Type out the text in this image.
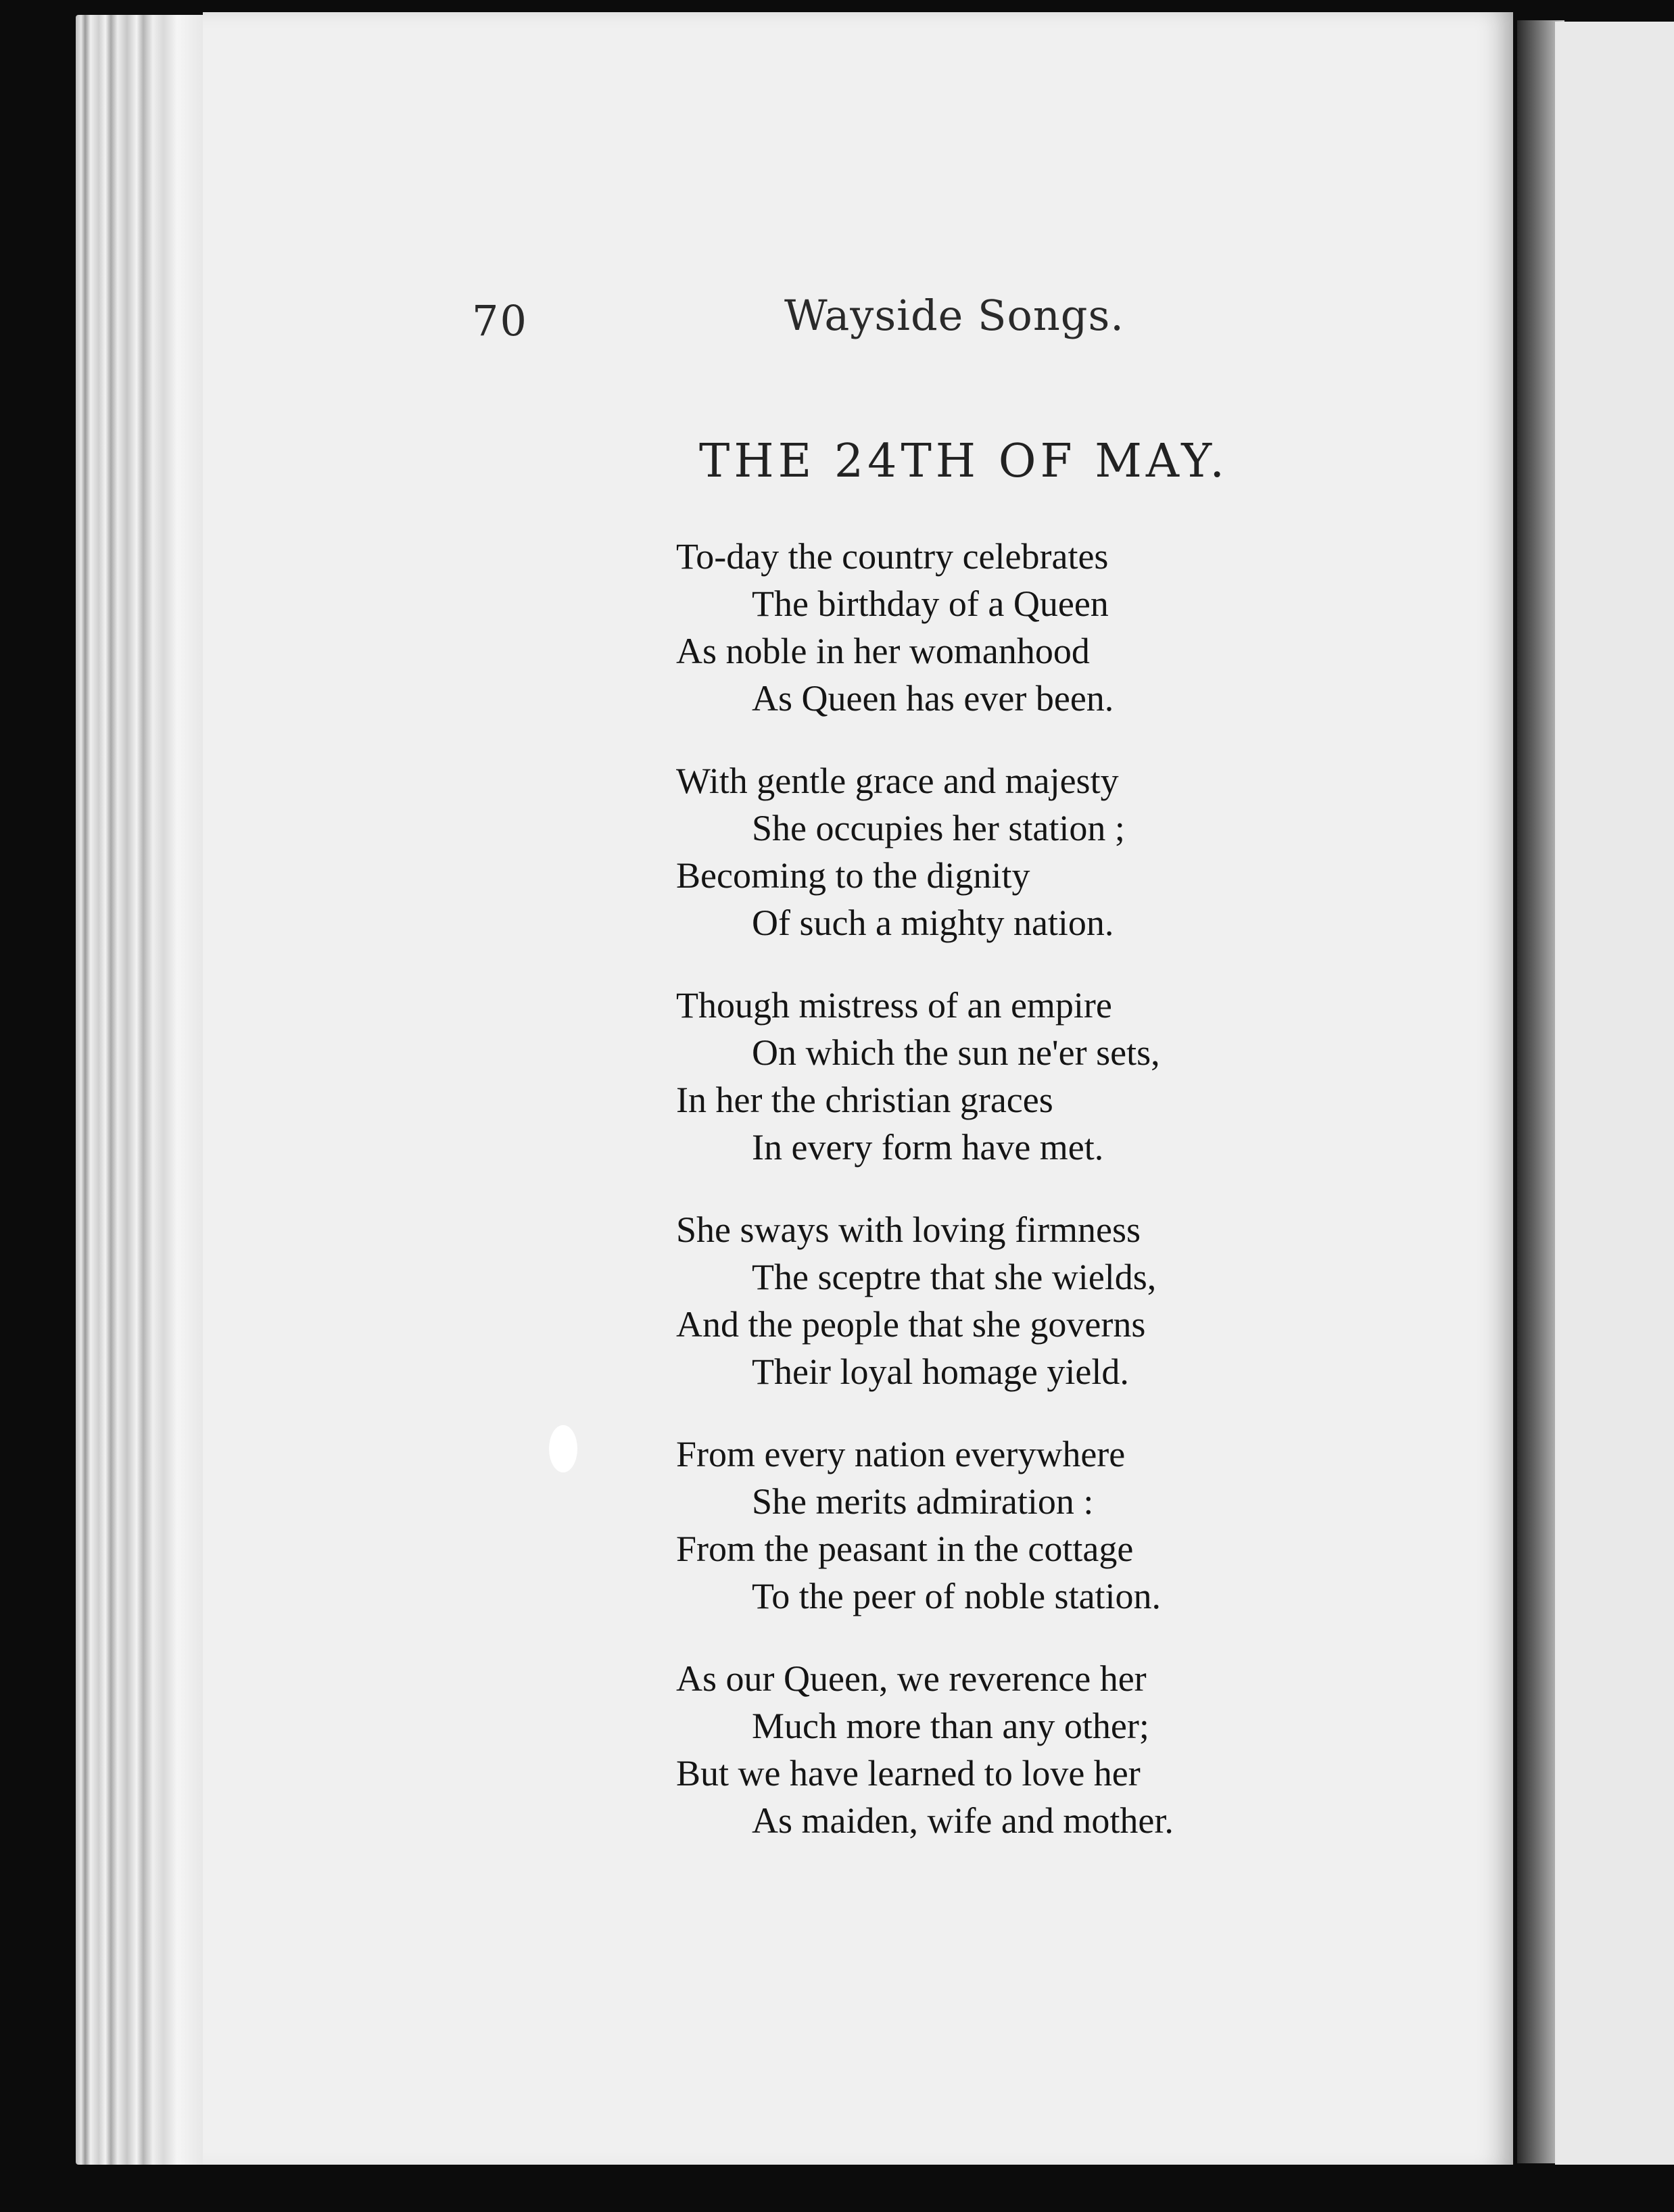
70	Wayside Songs.
THE 24TH OF MAY.
To-day the country celebrates
The birthday of a Queen
As noble in her womanhood
As Queen has ever been.
With gentle grace and majesty
She occupies her station ;
Becoming to the dignity
Of such a mighty nation.
Though mistress of an empire
On which the sun ne'er sets,
In her the christian graces
In every form have met.
She sways with loving firmness
The sceptre that she wields,
And the people that she governs
Their loyal homage yield.
From every nation everywhere
She merits admiration :
From the peasant in the cottage
To the peer of noble station.
As our Queen, we reverence her
Much more than any other;
But we have learned to love her
As maiden, wife and mother.
